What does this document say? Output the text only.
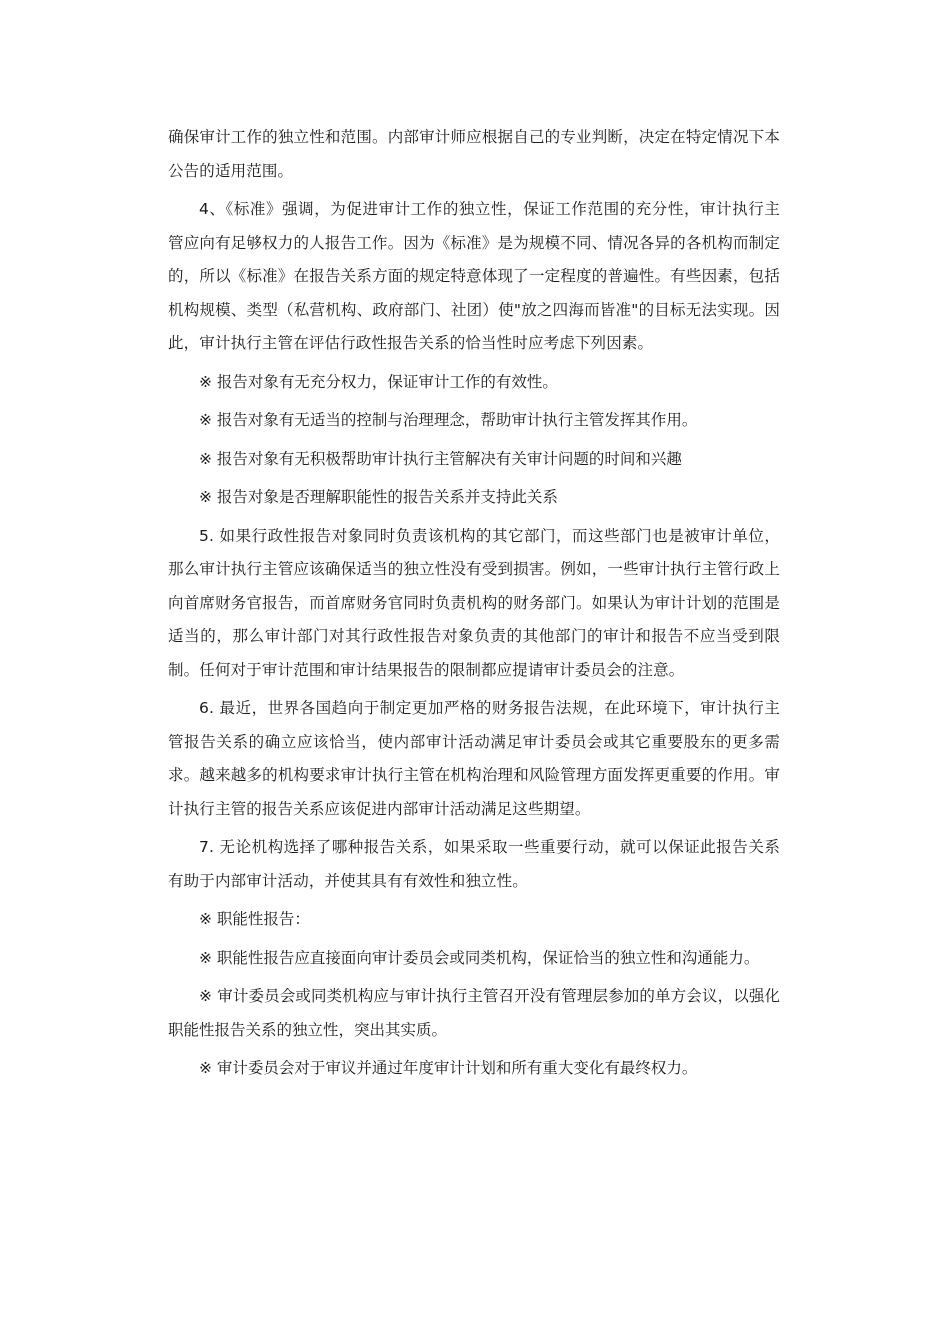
确保审计工作的独立性和范围。内部审计师应根据自己的专业判断，决定在特定情况下本公告的适用范围。

4、《标准》强调，为促进审计工作的独立性，保证工作范围的充分性，审计执行主管应向有足够权力的人报告工作。因为《标准》是为规模不同、情况各异的各机构而制定的，所以《标准》在报告关系方面的规定特意体现了一定程度的普遍性。有些因素，包括机构规模、类型（私营机构、政府部门、社团）使"放之四海而皆准"的目标无法实现。因此，审计执行主管在评估行政性报告关系的恰当性时应考虑下列因素。

※ 报告对象有无充分权力，保证审计工作的有效性。

※ 报告对象有无适当的控制与治理理念，帮助审计执行主管发挥其作用。

※ 报告对象有无积极帮助审计执行主管解决有关审计问题的时间和兴趣

※ 报告对象是否理解职能性的报告关系并支持此关系

5. 如果行政性报告对象同时负责该机构的其它部门，而这些部门也是被审计单位，那么审计执行主管应该确保适当的独立性没有受到损害。例如，一些审计执行主管行政上向首席财务官报告，而首席财务官同时负责机构的财务部门。如果认为审计计划的范围是适当的，那么审计部门对其行政性报告对象负责的其他部门的审计和报告不应当受到限制。任何对于审计范围和审计结果报告的限制都应提请审计委员会的注意。

6. 最近，世界各国趋向于制定更加严格的财务报告法规，在此环境下，审计执行主管报告关系的确立应该恰当，使内部审计活动满足审计委员会或其它重要股东的更多需求。越来越多的机构要求审计执行主管在机构治理和风险管理方面发挥更重要的作用。审计执行主管的报告关系应该促进内部审计活动满足这些期望。

7. 无论机构选择了哪种报告关系，如果采取一些重要行动，就可以保证此报告关系有助于内部审计活动，并使其具有有效性和独立性。

※ 职能性报告：

※ 职能性报告应直接面向审计委员会或同类机构，保证恰当的独立性和沟通能力。

※ 审计委员会或同类机构应与审计执行主管召开没有管理层参加的单方会议，以强化职能性报告关系的独立性，突出其实质。

※ 审计委员会对于审议并通过年度审计计划和所有重大变化有最终权力。
